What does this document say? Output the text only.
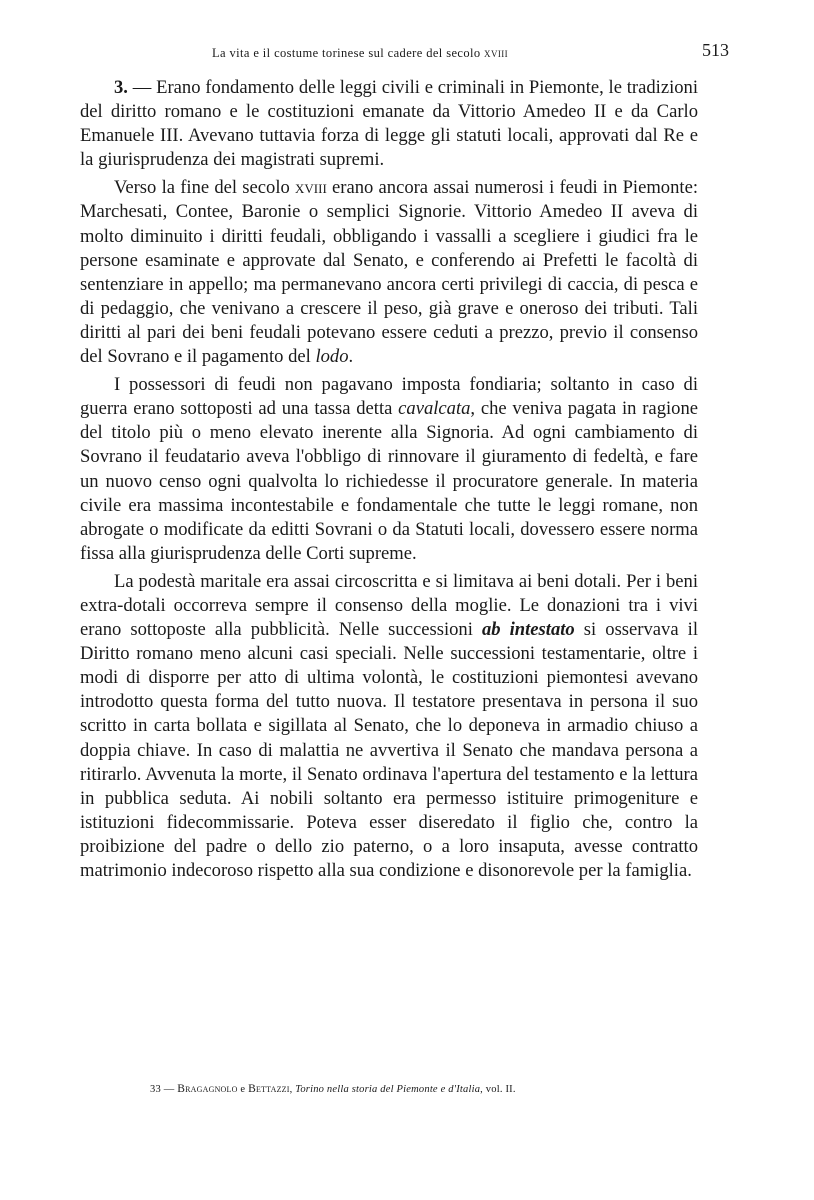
La vita e il costume torinese sul cadere del secolo xviii	513

3. — Erano fondamento delle leggi civili e criminali in Piemonte, le tradizioni del diritto romano e le costituzioni emanate da Vittorio Amedeo II e da Carlo Emanuele III. Avevano tuttavia forza di legge gli statuti locali, approvati dal Re e la giurisprudenza dei magistrati supremi.

Verso la fine del secolo xviii erano ancora assai numerosi i feudi in Piemonte: Marchesati, Contee, Baronie o semplici Signorie. Vittorio Amedeo II aveva di molto diminuito i diritti feudali, obbligando i vassalli a scegliere i giudici fra le persone esaminate e approvate dal Senato, e conferendo ai Prefetti le facoltà di sentenziare in appello; ma permanevano ancora certi privilegi di caccia, di pesca e di pedaggio, che venivano a crescere il peso, già grave e oneroso dei tributi. Tali diritti al pari dei beni feudali potevano essere ceduti a prezzo, previo il consenso del Sovrano e il pagamento del lodo.

I possessori di feudi non pagavano imposta fondiaria; soltanto in caso di guerra erano sottoposti ad una tassa detta cavalcata, che veniva pagata in ragione del titolo più o meno elevato inerente alla Signoria. Ad ogni cambiamento di Sovrano il feudatario aveva l'obbligo di rinnovare il giuramento di fedeltà, e fare un nuovo censo ogni qualvolta lo richiedesse il procuratore generale. In materia civile era massima incontestabile e fondamentale che tutte le leggi romane, non abrogate o modificate da editti Sovrani o da Statuti locali, dovessero essere norma fissa alla giurisprudenza delle Corti supreme.

La podestà maritale era assai circoscritta e si limitava ai beni dotali. Per i beni extra-dotali occorreva sempre il consenso della moglie. Le donazioni tra i vivi erano sottoposte alla pubblicità. Nelle successioni ab intestato si osservava il Diritto romano meno alcuni casi speciali. Nelle successioni testamentarie, oltre i modi di disporre per atto di ultima volontà, le costituzioni piemontesi avevano introdotto questa forma del tutto nuova. Il testatore presentava in persona il suo scritto in carta bollata e sigillata al Senato, che lo deponeva in armadio chiuso a doppia chiave. In caso di malattia ne avvertiva il Senato che mandava persona a ritirarlo. Avvenuta la morte, il Senato ordinava l'apertura del testamento e la lettura in pubblica seduta. Ai nobili soltanto era permesso istituire primogeniture e istituzioni fidecommissarie. Poteva esser diseredato il figlio che, contro la proibizione del padre o dello zio paterno, o a loro insaputa, avesse contratto matrimonio indecoroso rispetto alla sua condizione e disonorevole per la famiglia.

33 — Bragagnolo e Bettazzi, Torino nella storia del Piemonte e d'Italia, vol. II.
